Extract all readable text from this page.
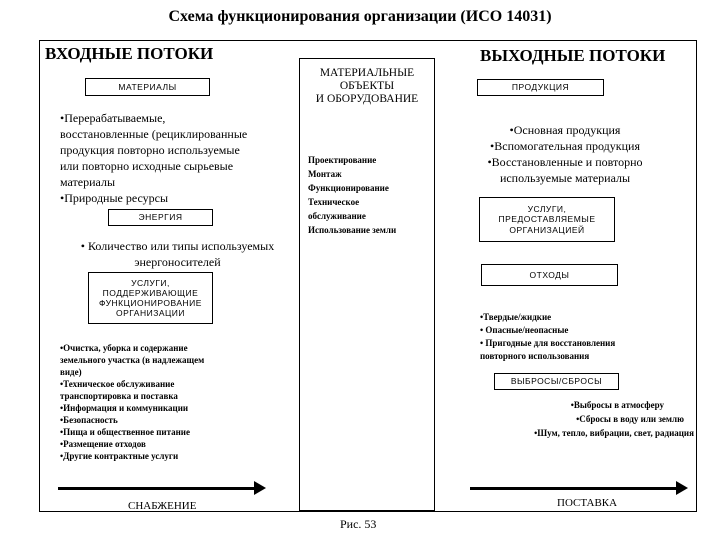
Схема функционирования организации (ИСО 14031)
ВХОДНЫЕ ПОТОКИ	ВЫХОДНЫЕ ПОТОКИ
МАТЕРИАЛЫ
•Перерабатываемые,
восстановленные (рециклированные
продукция повторно используемые
или повторно исходные сырьевые
материалы
•Природные ресурсы
ЭНЕРГИЯ
• Количество или типы используемых
энергоносителей
УСЛУГИ,
ПОДДЕРЖИВАЮЩИЕ
ФУНКЦИОНИРОВАНИЕ
ОРГАНИЗАЦИИ
•Очистка, уборка и содержание
земельного участка (в надлежащем
виде)
•Техническое обслуживание
транспортировка и поставка
•Информация и коммуникации
•Безопасность
•Пища и общественное питание
•Размещение отходов
•Другие контрактные услуги
СНАБЖЕНИЕ
МАТЕРИАЛЬНЫЕ
ОБЪЕКТЫ
И ОБОРУДОВАНИЕ
Проектирование
Монтаж
Функционирование
Техническое
обслуживание
Использование земли
ПРОДУКЦИЯ
•Основная продукция
•Вспомогательная продукция
•Восстановленные и повторно
используемые материалы
УСЛУГИ,
ПРЕДОСТАВЛЯЕМЫЕ
ОРГАНИЗАЦИЕЙ
ОТХОДЫ
•Твердые/жидкие
• Опасные/неопасные
• Пригодные для восстановления
повторного использования
ВЫБРОСЫ/СБРОСЫ
•Выбросы в атмосферу
•Сбросы в воду или землю
•Шум, тепло, вибрации, свет, радиация
ПОСТАВКА
Рис. 53
